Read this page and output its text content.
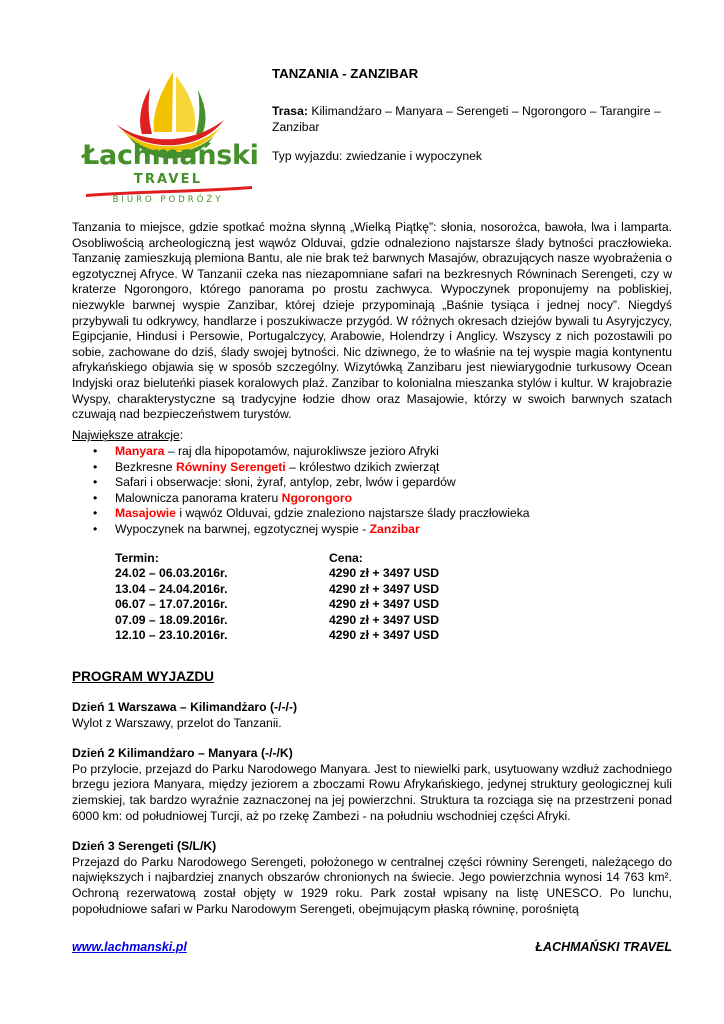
Łachmański
TRAVEL
BIURO PODRÓŻY

TANZANIA - ZANZIBAR

Trasa: Kilimandżaro – Manyara – Serengeti – Ngorongoro – Tarangire – Zanzibar

Typ wyjazdu: zwiedzanie i wypoczynek

Tanzania to miejsce, gdzie spotkać można słynną „Wielką Piątkę”: słonia, nosorożca, bawoła, lwa i lamparta. Osobliwością archeologiczną jest wąwóz Olduvai, gdzie odnaleziono najstarsze ślady bytności praczłowieka. Tanzanię zamieszkują plemiona Bantu, ale nie brak też barwnych Masajów, obrazujących nasze wyobrażenia o egzotycznej Afryce. W Tanzanii czeka nas niezapomniane safari na bezkresnych Równinach Serengeti, czy w kraterze Ngorongoro, którego panorama po prostu zachwyca. Wypoczynek proponujemy na pobliskiej, niezwykle barwnej wyspie Zanzibar, której dzieje przypominają „Baśnie tysiąca i jednej nocy”. Niegdyś przybywali tu odkrywcy, handlarze i poszukiwacze przygód. W różnych okresach dziejów bywali tu Asyryjczycy, Egipcjanie, Hindusi i Persowie, Portugalczycy, Arabowie, Holendrzy i Anglicy. Wszyscy z nich pozostawili po sobie, zachowane do dziś, ślady swojej bytności. Nic dziwnego, że to właśnie na tej wyspie magia kontynentu afrykańskiego objawia się w sposób szczególny. Wizytówką Zanzibaru jest niewiarygodnie turkusowy Ocean Indyjski oraz bieluteńki piasek koralowych plaż. Zanzibar to kolonialna mieszanka stylów i kultur. W krajobrazie Wyspy, charakterystyczne są tradycyjne łodzie dhow oraz Masajowie, którzy w swoich barwnych szatach czuwają nad bezpieczeństwem turystów.
Największe atrakcje:
• Manyara – raj dla hipopotamów, najurokliwsze jezioro Afryki
• Bezkresne Równiny Serengeti – królestwo dzikich zwierząt
• Safari i obserwacje: słoni, żyraf, antylop, zebr, lwów i gepardów
• Malownicza panorama krateru Ngorongoro
• Masajowie i wąwóz Olduvai, gdzie znaleziono najstarsze ślady praczłowieka
• Wypoczynek na barwnej, egzotycznej wyspie - Zanzibar
Termin:	Cena:
24.02 – 06.03.2016r.	4290 zł + 3497 USD
13.04 – 24.04.2016r.	4290 zł + 3497 USD
06.07 – 17.07.2016r.	4290 zł + 3497 USD
07.09 – 18.09.2016r.	4290 zł + 3497 USD
12.10 – 23.10.2016r.	4290 zł + 3497 USD
PROGRAM WYJAZDU

Dzień 1 Warszawa – Kilimandżaro (-/-/-)

Wylot z Warszawy, przelot do Tanzanii.

Dzień 2 Kilimandżaro – Manyara (-/-/K)

Po przylocie, przejazd do Parku Narodowego Manyara. Jest to niewielki park, usytuowany wzdłuż zachodniego brzegu jeziora Manyara, między jeziorem a zboczami Rowu Afrykańskiego, jedynej struktury geologicznej kuli ziemskiej, tak bardzo wyraźnie zaznaczonej na jej powierzchni. Struktura ta rozciąga się na przestrzeni ponad 6000 km: od południowej Turcji, aż po rzekę Zambezi - na południu wschodniej części Afryki.

Dzień 3 Serengeti (S/L/K)

Przejazd do Parku Narodowego Serengeti, położonego w centralnej części równiny Serengeti, należącego do największych i najbardziej znanych obszarów chronionych na świecie. Jego powierzchnia wynosi 14 763 km². Ochroną rezerwatową został objęty w 1929 roku. Park został wpisany na listę UNESCO. Po lunchu, popołudniowe safari w Parku Narodowym Serengeti, obejmującym płaską równinę, porośniętą

www.lachmanski.pl	ŁACHMAŃSKI TRAVEL
